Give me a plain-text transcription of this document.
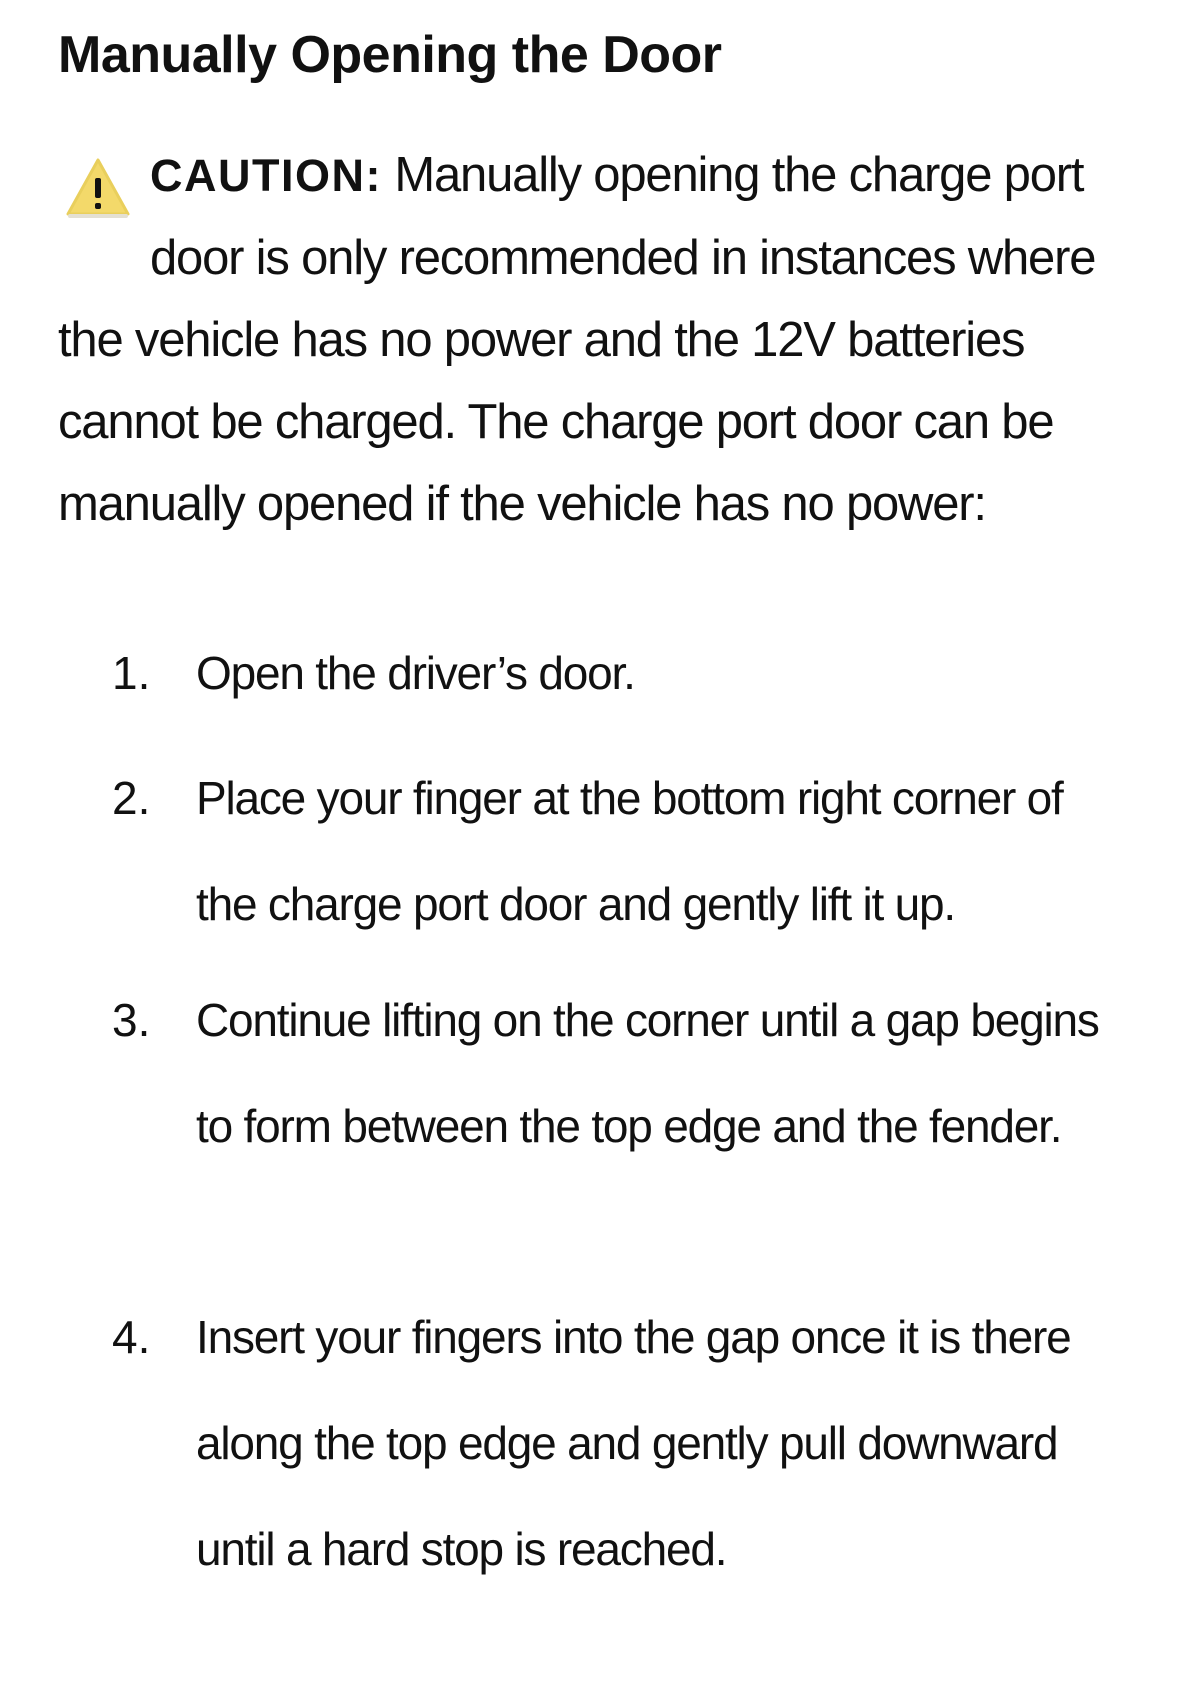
Manually Opening the Door

CAUTION: Manually opening the charge port door is only recommended in instances where the vehicle has no power and the 12V batteries cannot be charged. The charge port door can be manually opened if the vehicle has no power:

1. Open the driver’s door.
2. Place your finger at the bottom right corner of the charge port door and gently lift it up.
3. Continue lifting on the corner until a gap begins to form between the top edge and the fender.
4. Insert your fingers into the gap once it is there along the top edge and gently pull downward until a hard stop is reached.
